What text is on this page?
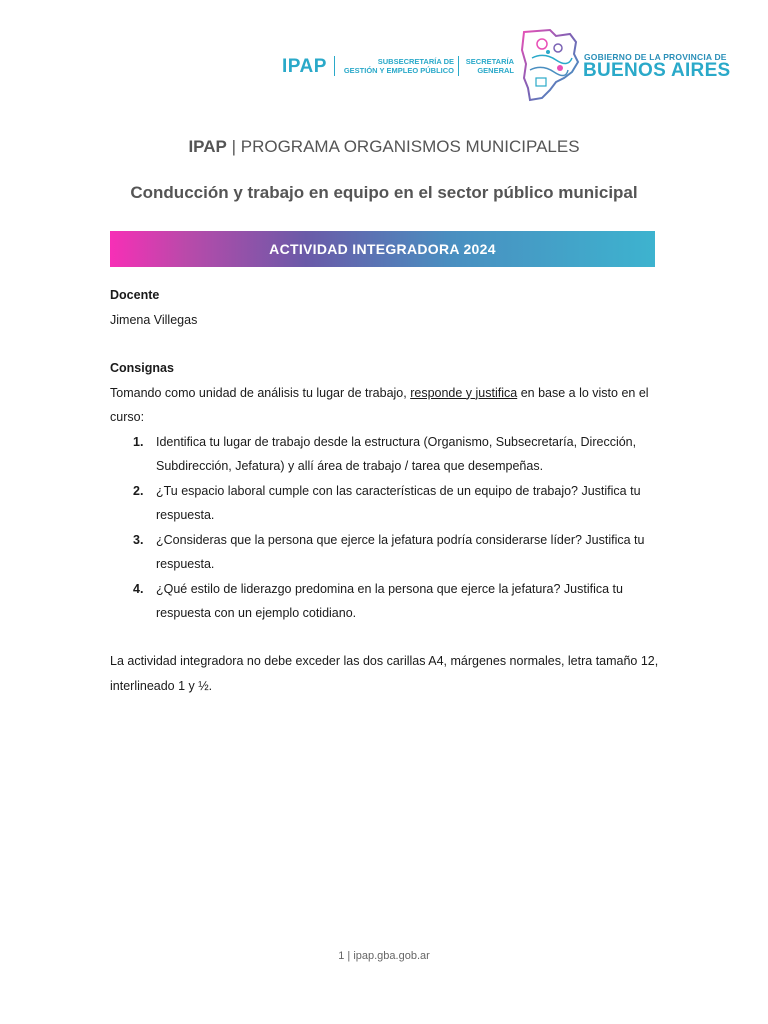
IPAP	SUBSECRETARÍA DE
GESTIÓN Y EMPLEO PÚBLICO
SECRETARÍA
GENERAL
GOBIERNO DE LA PROVINCIA DE
BUENOS AIRES
IPAP | PROGRAMA ORGANISMOS MUNICIPALES
Conducción y trabajo en equipo en el sector público municipal
ACTIVIDAD INTEGRADORA 2024
Docente
Jimena Villegas
Consignas
Tomando como unidad de análisis tu lugar de trabajo, responde y justifica en base a lo visto en el curso:
1. Identifica tu lugar de trabajo desde la estructura (Organismo, Subsecretaría, Dirección, Subdirección, Jefatura) y allí área de trabajo / tarea que desempeñas.
2. ¿Tu espacio laboral cumple con las características de un equipo de trabajo? Justifica tu respuesta.
3. ¿Consideras que la persona que ejerce la jefatura podría considerarse líder? Justifica tu respuesta.
4. ¿Qué estilo de liderazgo predomina en la persona que ejerce la jefatura? Justifica tu respuesta con un ejemplo cotidiano.
La actividad integradora no debe exceder las dos carillas A4, márgenes normales, letra tamaño 12, interlineado 1 y ½.
1 | ipap.gba.gob.ar
